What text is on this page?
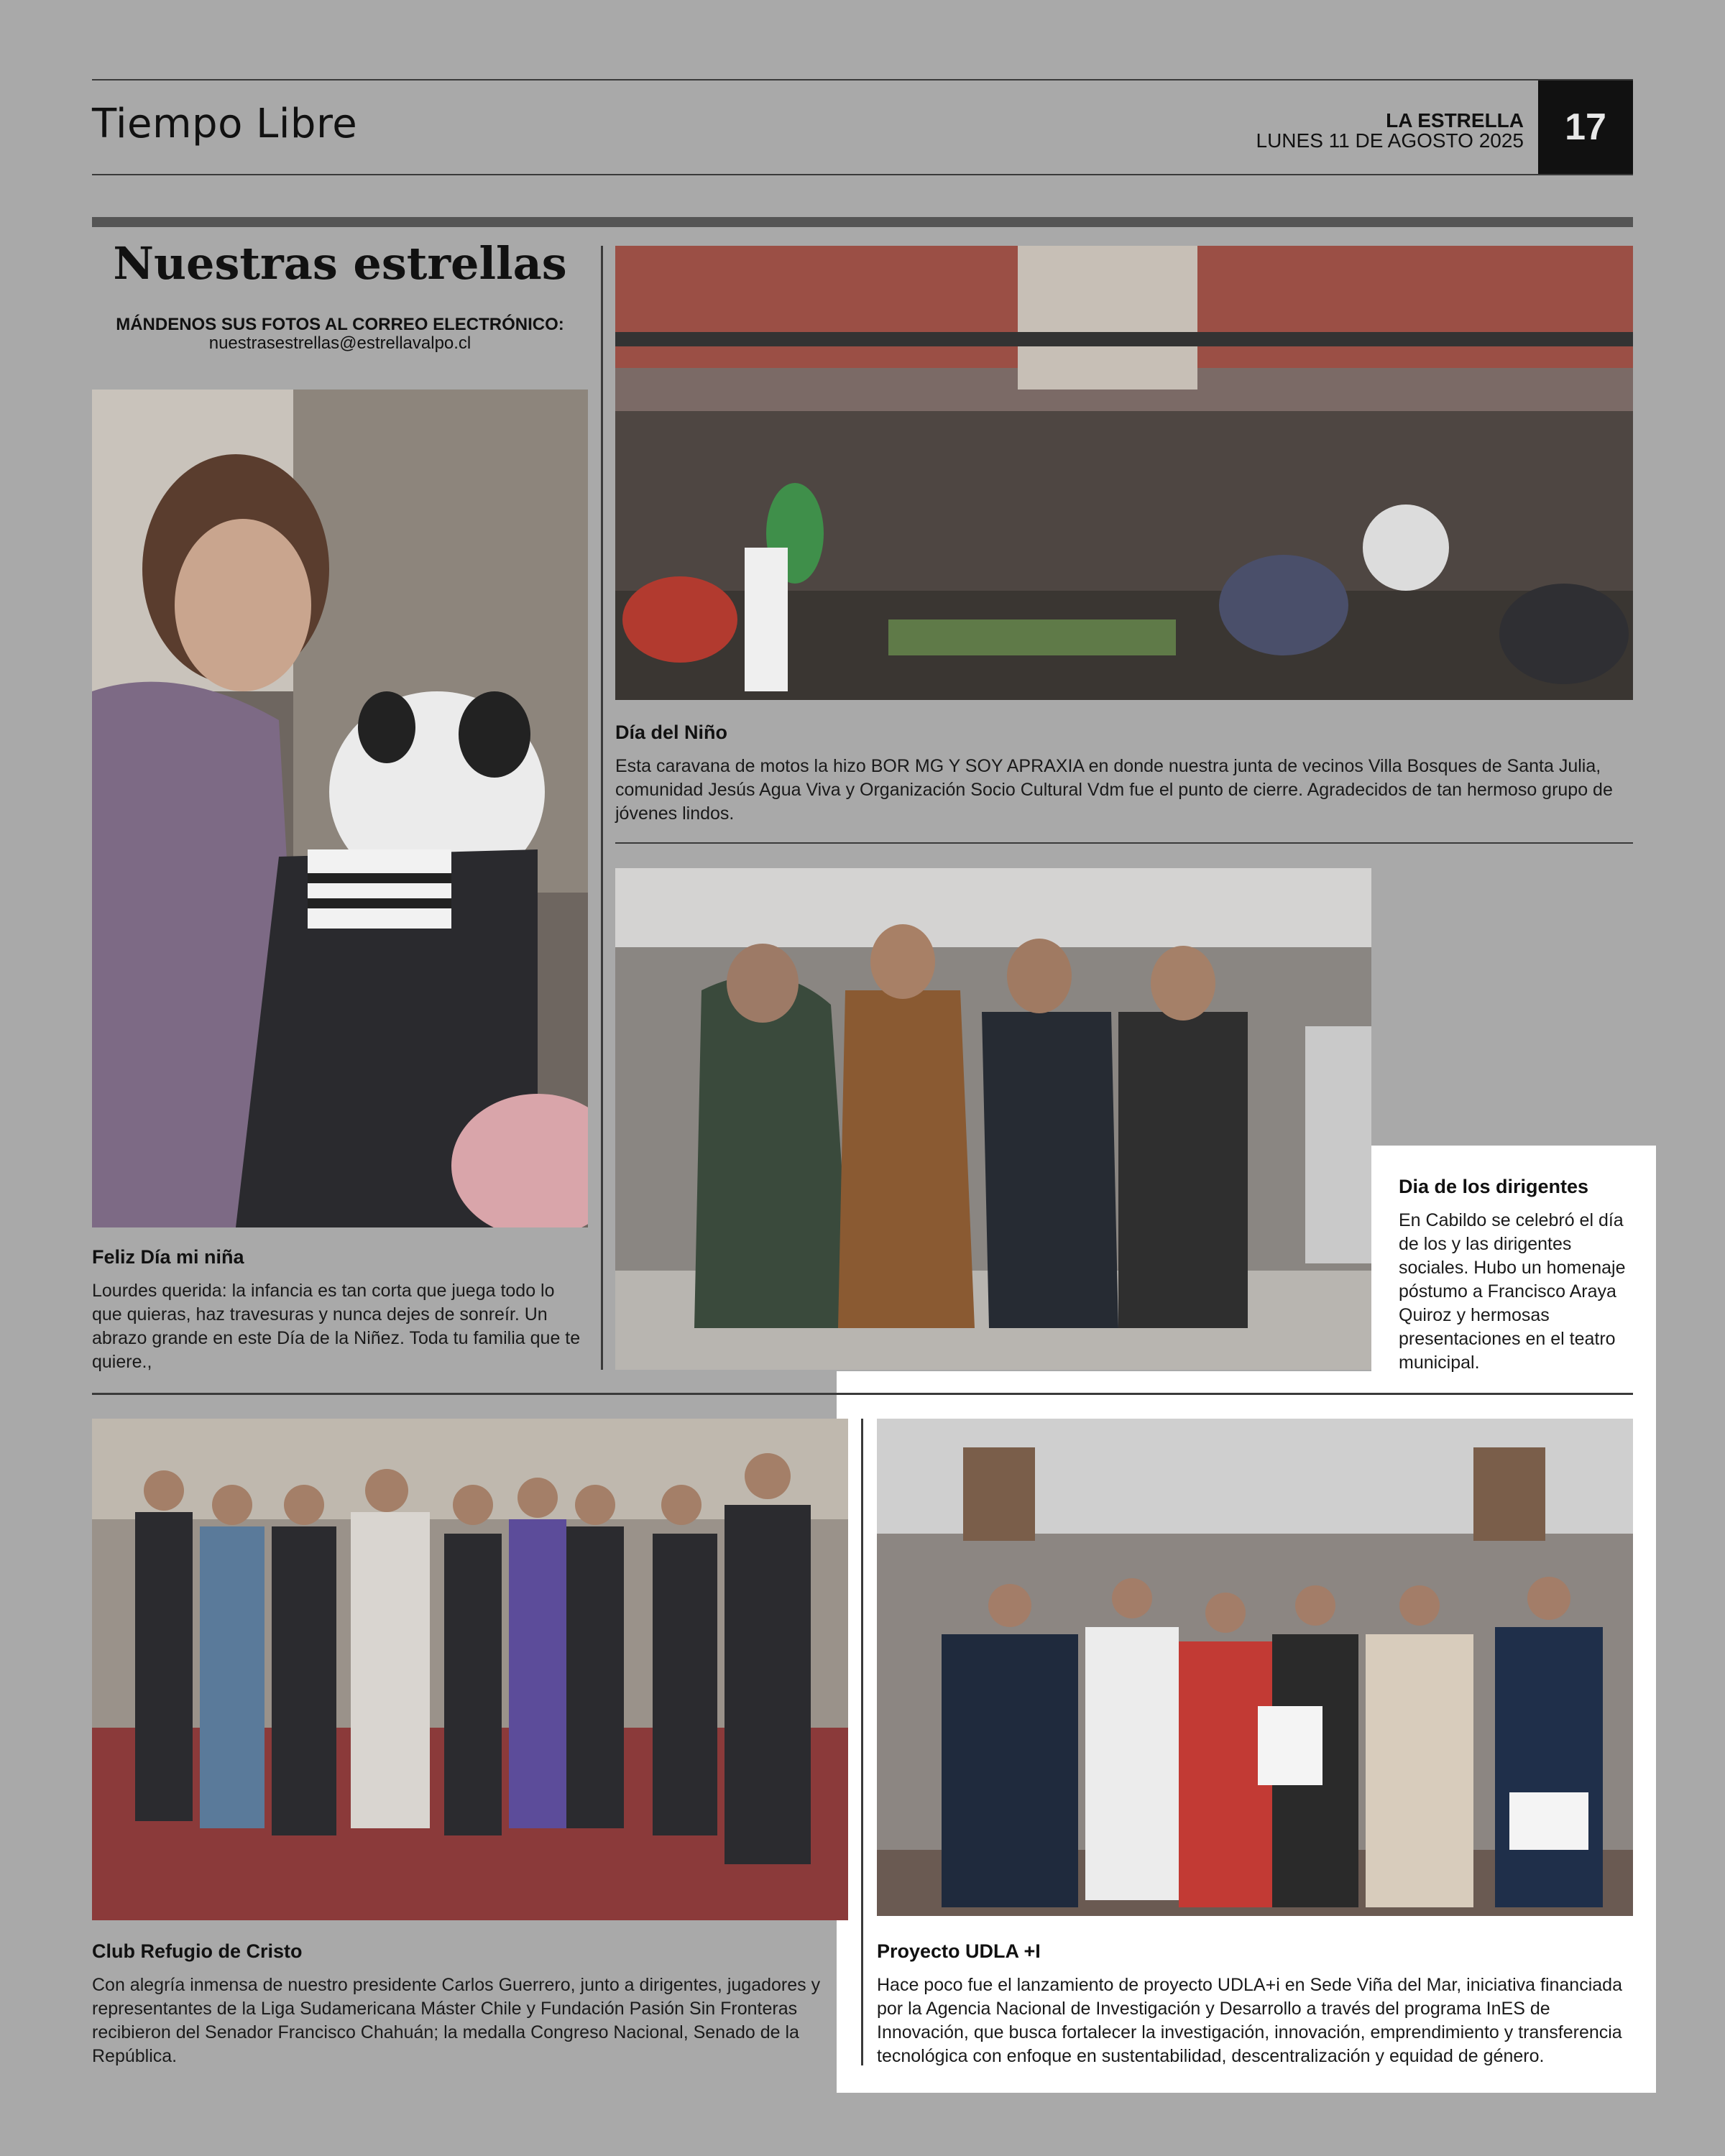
Tiempo Libre	LA ESTRELLA
LUNES 11 DE AGOSTO 2025 17
Nuestras estrellas
MÁNDENOS SUS FOTOS AL CORREO ELECTRÓNICO:
nuestrasestrellas@estrellavalpo.cl
Feliz Día mi niña
Lourdes querida: la infancia es tan corta que juega todo lo que quieras, haz travesuras y nunca dejes de sonreír. Un abrazo grande en este Día de la Niñez. Toda tu familia que te quiere.,
Día del Niño
Esta caravana de motos la hizo BOR MG Y SOY APRAXIA en donde nuestra junta de vecinos Villa Bosques de Santa Julia, comunidad Jesús Agua Viva y Organización Socio Cultural Vdm fue el punto de cierre. Agradecidos de tan hermoso grupo de jóvenes lindos.
Dia de los dirigentes
En Cabildo se celebró el día de los y las dirigentes sociales. Hubo un homenaje póstumo a Francisco Araya Quiroz y hermosas presentaciones en el teatro municipal.
Club Refugio de Cristo
Con alegría inmensa de nuestro presidente Carlos Guerrero, junto a dirigentes, jugadores y representantes de la Liga Sudamericana Máster Chile y Fundación Pasión Sin Fronteras recibieron del Senador Francisco Chahuán; la medalla Congreso Nacional, Senado de la República.
Proyecto UDLA +I
Hace poco fue el lanzamiento de proyecto UDLA+i en Sede Viña del Mar, iniciativa financiada por la Agencia Nacional de Investigación y Desarrollo a través del programa InES de Innovación, que busca fortalecer la investigación, innovación, emprendimiento y transferencia tecnológica con enfoque en sustentabilidad, descentralización y equidad de género.
